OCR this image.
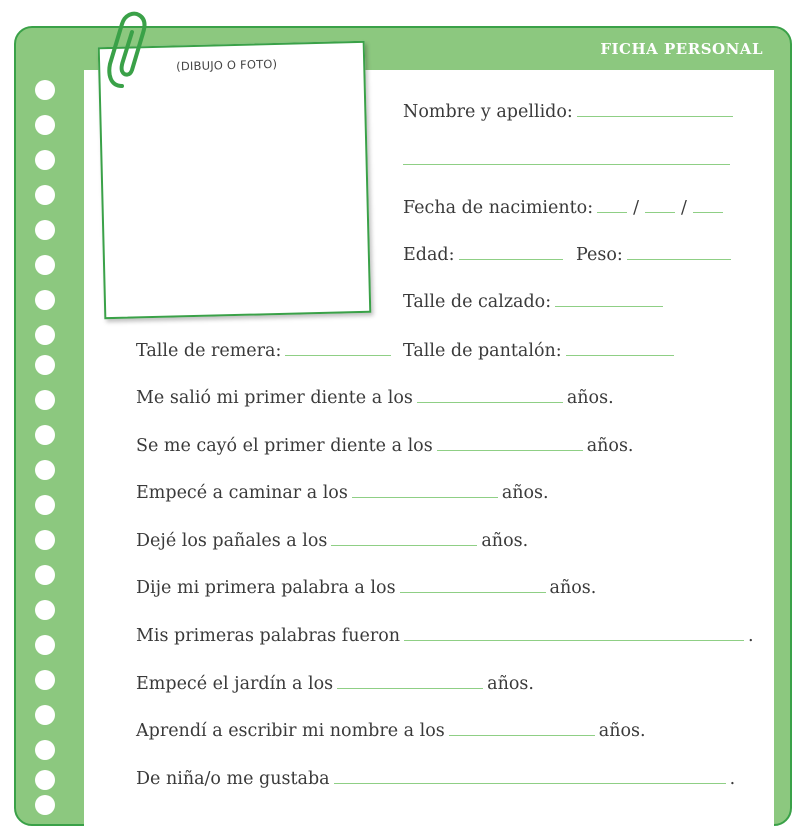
FICHA PERSONAL
(DIBUJO O FOTO)
Nombre y apellido:
Fecha de nacimiento: / /
Edad:	Peso:
Talle de calzado:
Talle de remera:	Talle de pantalón:
Me salió mi primer diente a los	años.
Se me cayó el primer diente a los	años.
Empecé a caminar a los	años.
Dejé los pañales a los	años.
Dije mi primera palabra a los	años.
Mis primeras palabras fueron	.
Empecé el jardín a los	años.
Aprendí a escribir mi nombre a los	años.
De niña/o me gustaba	.
